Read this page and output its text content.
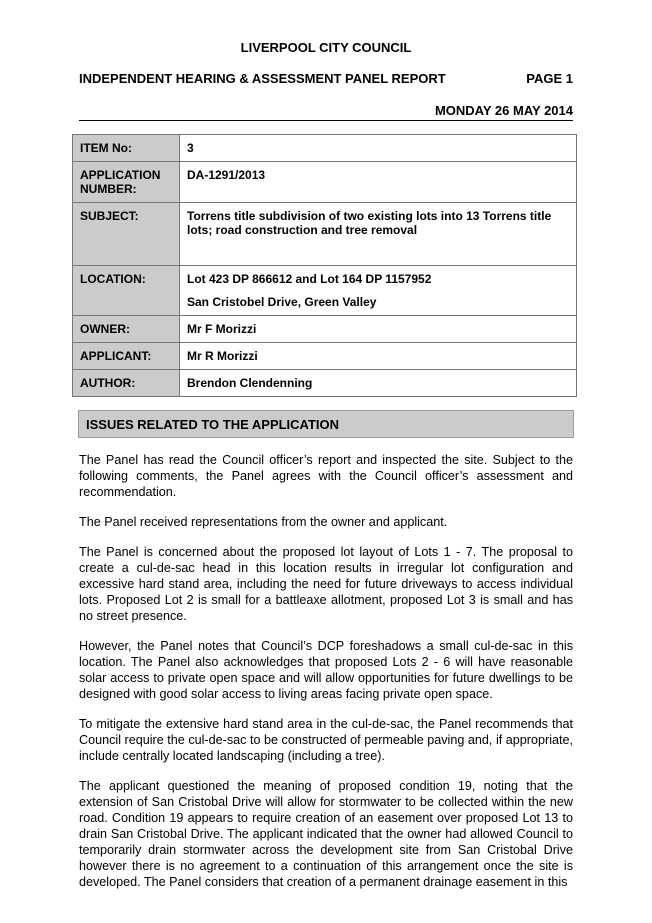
LIVERPOOL CITY COUNCIL
INDEPENDENT HEARING & ASSESSMENT PANEL REPORT	PAGE 1
MONDAY 26 MAY 2014
ITEM No:	3
APPLICATION NUMBER:	DA-1291/2013
SUBJECT:	Torrens title subdivision of two existing lots into 13 Torrens title lots; road construction and tree removal
LOCATION:	Lot 423 DP 866612 and Lot 164 DP 1157952
San Cristobel Drive, Green Valley

OWNER:	Mr F Morizzi
APPLICANT:	Mr R Morizzi
AUTHOR:	Brendon Clendenning
ISSUES RELATED TO THE APPLICATION

The Panel has read the Council officer’s report and inspected the site. Subject to the following comments, the Panel agrees with the Council officer’s assessment and recommendation.

The Panel received representations from the owner and applicant.

The Panel is concerned about the proposed lot layout of Lots 1 - 7. The proposal to create a cul-de-sac head in this location results in irregular lot configuration and excessive hard stand area, including the need for future driveways to access individual lots. Proposed Lot 2 is small for a battleaxe allotment, proposed Lot 3 is small and has no street presence.

However, the Panel notes that Council’s DCP foreshadows a small cul-de-sac in this location. The Panel also acknowledges that proposed Lots 2 - 6 will have reasonable solar access to private open space and will allow opportunities for future dwellings to be designed with good solar access to living areas facing private open space.

To mitigate the extensive hard stand area in the cul-de-sac, the Panel recommends that Council require the cul-de-sac to be constructed of permeable paving and, if appropriate, include centrally located landscaping (including a tree).

The applicant questioned the meaning of proposed condition 19, noting that the extension of San Cristobal Drive will allow for stormwater to be collected within the new road. Condition 19 appears to require creation of an easement over proposed Lot 13 to drain San Cristobal Drive. The applicant indicated that the owner had allowed Council to temporarily drain stormwater across the development site from San Cristobal Drive however there is no agreement to a continuation of this arrangement once the site is developed. The Panel considers that creation of a permanent drainage easement in this
